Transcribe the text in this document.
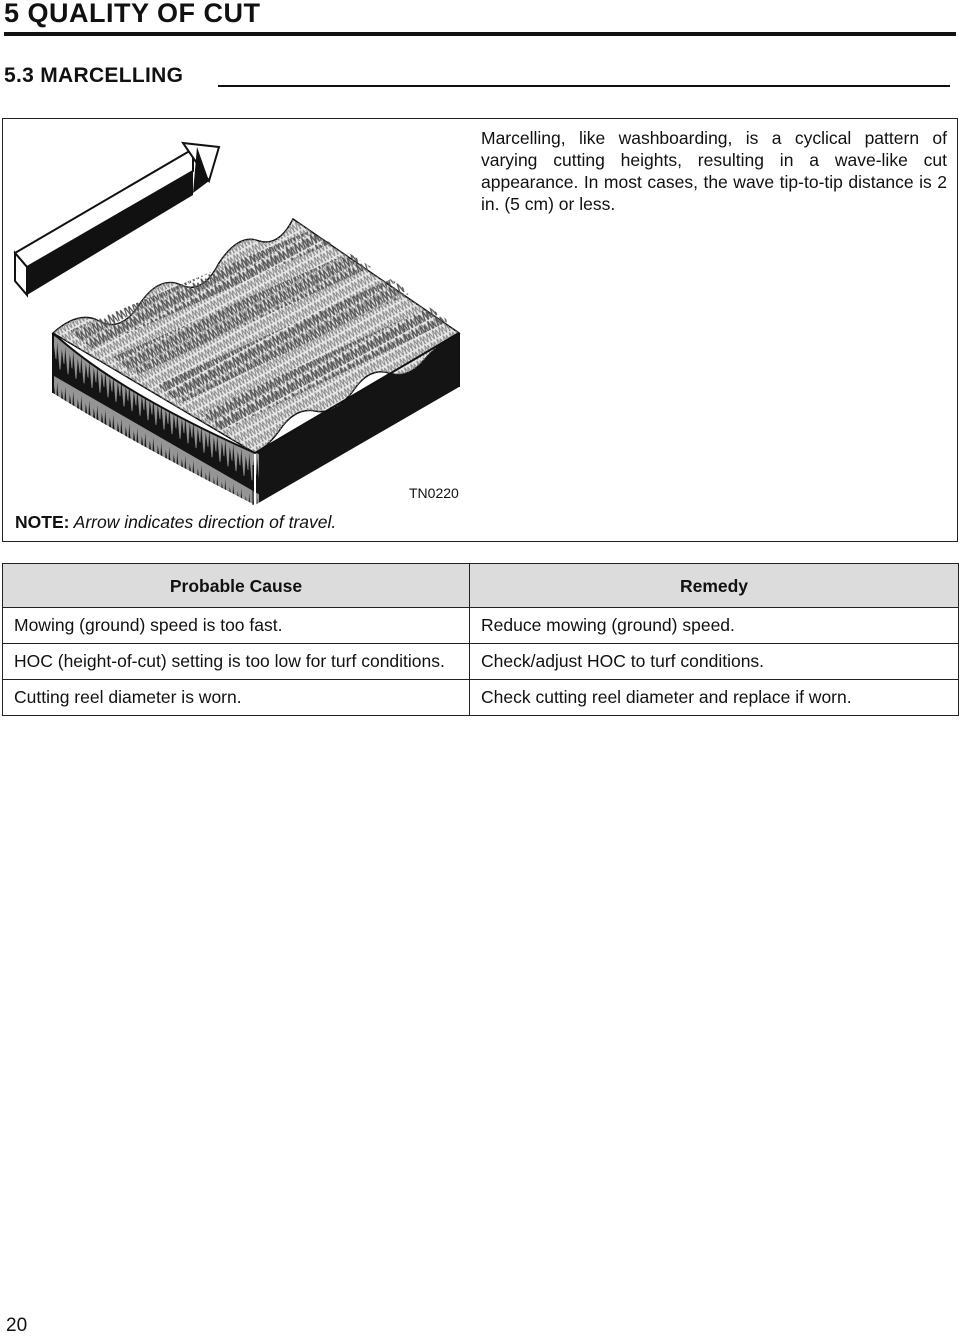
5 QUALITY OF CUT
5.3 MARCELLING

Marcelling, like washboarding, is a cyclical pattern of varying cutting heights, resulting in a wave-like cut appearance. In most cases, the wave tip-to-tip distance is 2 in. (5 cm) or less.

TN0220

NOTE: Arrow indicates direction of travel.

Probable Cause	Remedy
Mowing (ground) speed is too fast.	Reduce mowing (ground) speed.
HOC (height-of-cut) setting is too low for turf conditions.	Check/adjust HOC to turf conditions.
Cutting reel diameter is worn.	Check cutting reel diameter and replace if worn.
20
